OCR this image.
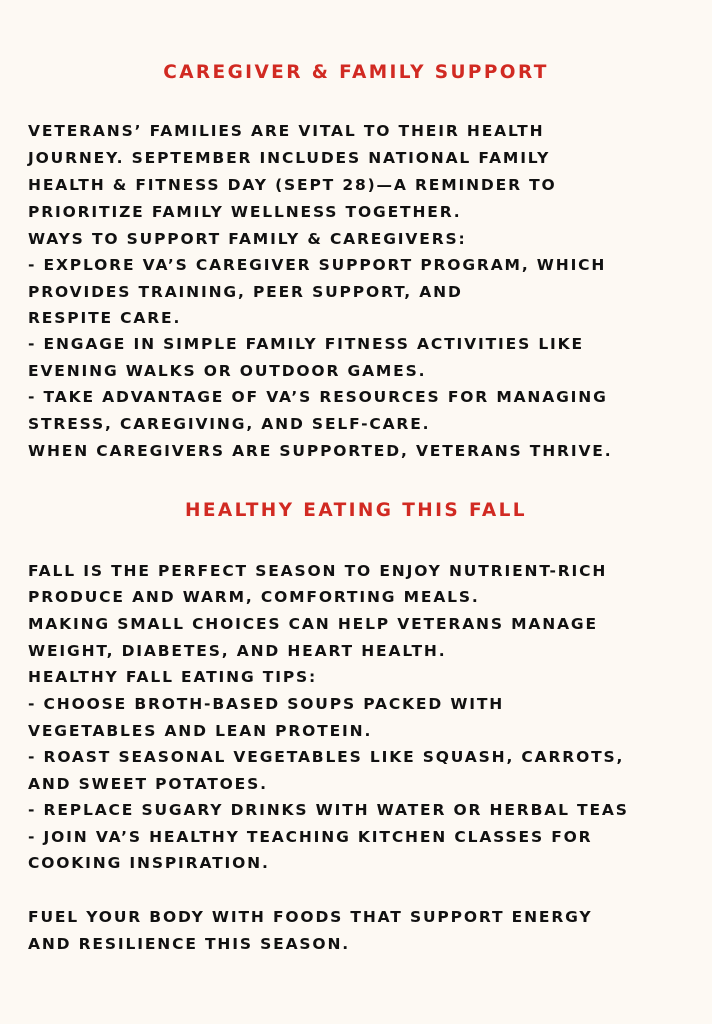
CAREGIVER & FAMILY SUPPORT

VETERANS’ FAMILIES ARE VITAL TO THEIR HEALTH

JOURNEY. SEPTEMBER INCLUDES NATIONAL FAMILY

HEALTH & FITNESS DAY (SEPT 28)—A REMINDER TO

PRIORITIZE FAMILY WELLNESS TOGETHER.

WAYS TO SUPPORT FAMILY & CAREGIVERS:

- EXPLORE VA’S CAREGIVER SUPPORT PROGRAM, WHICH

PROVIDES TRAINING, PEER SUPPORT, AND

RESPITE CARE.

- ENGAGE IN SIMPLE FAMILY FITNESS ACTIVITIES LIKE

EVENING WALKS OR OUTDOOR GAMES.

- TAKE ADVANTAGE OF VA’S RESOURCES FOR MANAGING

STRESS, CAREGIVING, AND SELF-CARE.

WHEN CAREGIVERS ARE SUPPORTED, VETERANS THRIVE.

HEALTHY EATING THIS FALL

FALL IS THE PERFECT SEASON TO ENJOY NUTRIENT-RICH

PRODUCE AND WARM, COMFORTING MEALS.

MAKING SMALL CHOICES CAN HELP VETERANS MANAGE

WEIGHT, DIABETES, AND HEART HEALTH.

HEALTHY FALL EATING TIPS:

- CHOOSE BROTH-BASED SOUPS PACKED WITH

VEGETABLES AND LEAN PROTEIN.

- ROAST SEASONAL VEGETABLES LIKE SQUASH, CARROTS,

AND SWEET POTATOES.

- REPLACE SUGARY DRINKS WITH WATER OR HERBAL TEAS

- JOIN VA’S HEALTHY TEACHING KITCHEN CLASSES FOR

COOKING INSPIRATION.

FUEL YOUR BODY WITH FOODS THAT SUPPORT ENERGY

AND RESILIENCE THIS SEASON.
